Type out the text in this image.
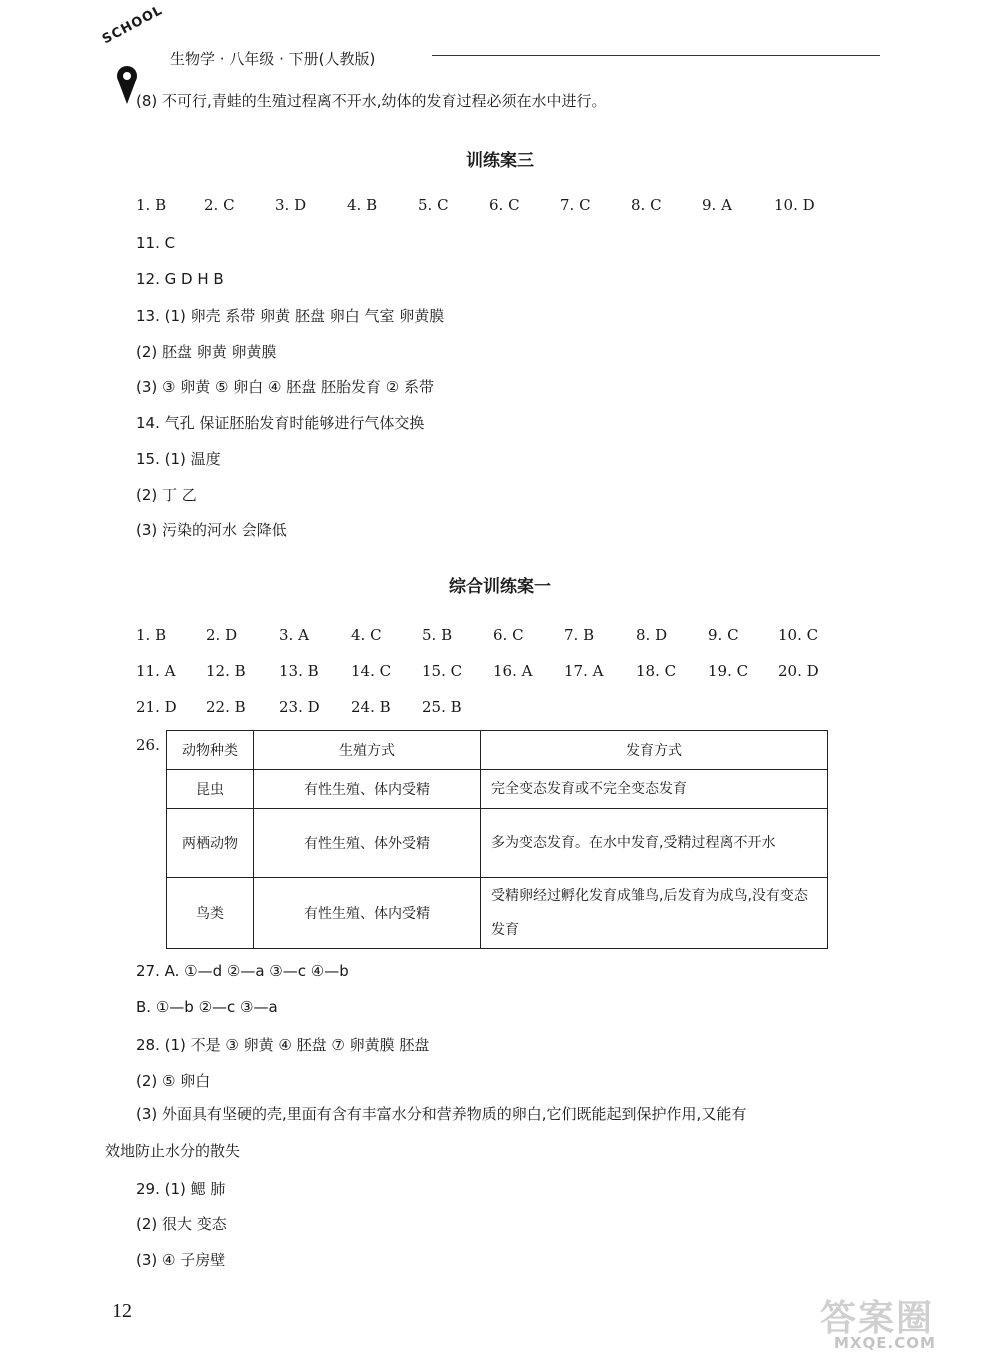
SCHOOL
生物学 · 八年级 · 下册(人教版)
(8) 不可行,青蛙的生殖过程离不开水,幼体的发育过程必须在水中进行。
训练案三
1. B	2. C	3. D	4. B	5. C	6. C	7. C	8. C	9. A	10. D
11. C
12. G D H B
13. (1) 卵壳 系带 卵黄 胚盘 卵白 气室 卵黄膜
(2) 胚盘 卵黄 卵黄膜
(3) ③ 卵黄 ⑤ 卵白 ④ 胚盘 胚胎发育 ② 系带
14. 气孔 保证胚胎发育时能够进行气体交换
15. (1) 温度
(2) 丁 乙
(3) 污染的河水 会降低
综合训练案一
1. B	2. D	3. A	4. C	5. B	6. C	7. B	8. D	9. C	10. C
11. A 12. B 13. B 14. C 15. C 16. A 17. A 18. C 19. C 20. D
21. D 22. B 23. D 24. B 25. B
26. 动物种类	生殖方式	发育方式
昆虫	有性生殖、体内受精	完全变态发育或不完全变态发育
两栖动物	有性生殖、体外受精	多为变态发育。在水中发育,受精过程离不开水
鸟类	有性生殖、体内受精	受精卵经过孵化发育成雏鸟,后发育为成鸟,没有变态发育
27. A. ①—d ②—a ③—c ④—b
B. ①—b ②—c ③—a
28. (1) 不是 ③ 卵黄 ④ 胚盘 ⑦ 卵黄膜 胚盘
(2) ⑤ 卵白
(3) 外面具有坚硬的壳,里面有含有丰富水分和营养物质的卵白,它们既能起到保护作用,又能有
效地防止水分的散失
29. (1) 鳃 肺
(2) 很大 变态
(3) ④ 子房壁
12	答案圈
MXQE.COM
